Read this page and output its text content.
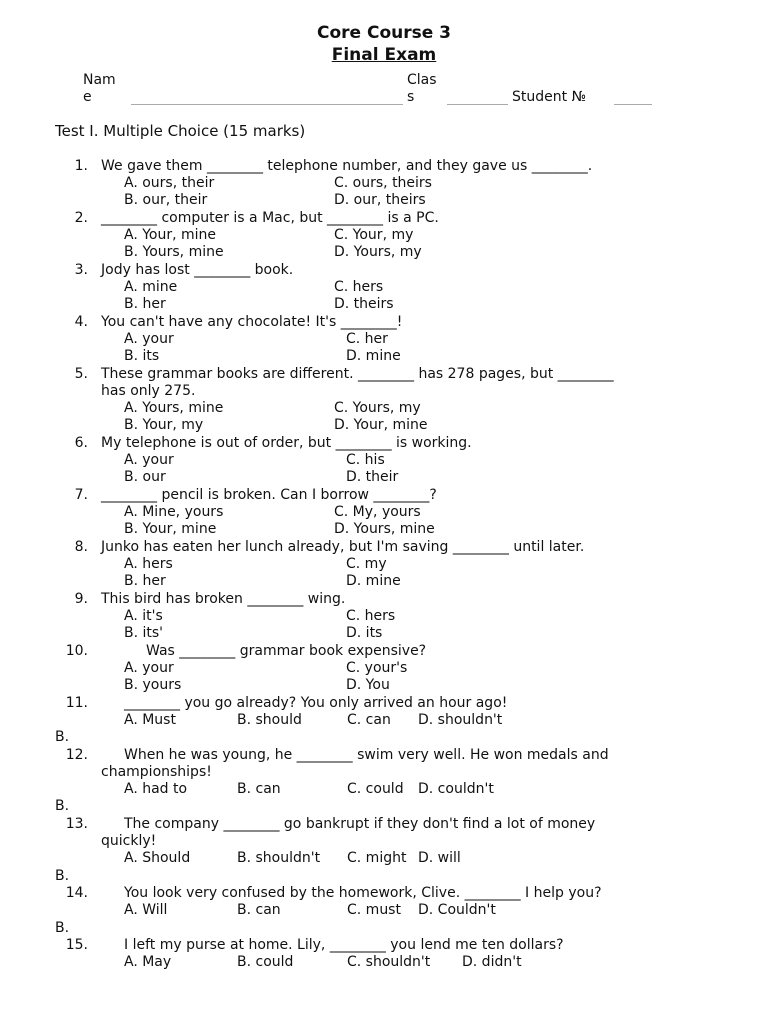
Core Course 3
Final Exam
Nam
e
Clas
s	Student №
Test I. Multiple Choice (15 marks)
1. We gave them ________ telephone number, and they gave us ________.
A. ours, their	C. ours, theirs
B. our, their	D. our, theirs
2. ________ computer is a Mac, but ________ is a PC.
A. Your, mine	C. Your, my
B. Yours, mine	D. Yours, my
3. Jody has lost ________ book.
A. mine	C. hers
B. her	D. theirs
4. You can't have any chocolate! It's ________!
A. your	C. her
B. its	D. mine
5. These grammar books are different. ________ has 278 pages, but ________
has only 275.
A. Yours, mine	C. Yours, my
B. Your, my	D. Your, mine
6. My telephone is out of order, but ________ is working.
A. your	C. his
B. our	D. their
7. ________ pencil is broken. Can I borrow ________?
A. Mine, yours	C. My, yours
B. Your, mine	D. Yours, mine
8. Junko has eaten her lunch already, but I'm saving ________ until later.
A. hers	C. my
B. her	D. mine
9. This bird has broken ________ wing.
A. it's	C. hers
B. its'	D. its
10.	Was ________ grammar book expensive?
A. your	C. your's
B. yours	D. You
11.	________ you go already? You only arrived an hour ago!
A. Must	B. should	C. can D. shouldn't
B.
12.	When he was young, he ________ swim very well. He won medals and
championships!
A. had to	B. can	C. could D. couldn't
B.
13.	The company ________ go bankrupt if they don't find a lot of money
quickly!
A. Should	B. shouldn't C. might D. will
B.
14.	You look very confused by the homework, Clive. ________ I help you?
A. Will	B. can	C. must D. Couldn't
B.
15.	I left my purse at home. Lily, ________ you lend me ten dollars?
A. May	B. could	C. shouldn't D. didn't
